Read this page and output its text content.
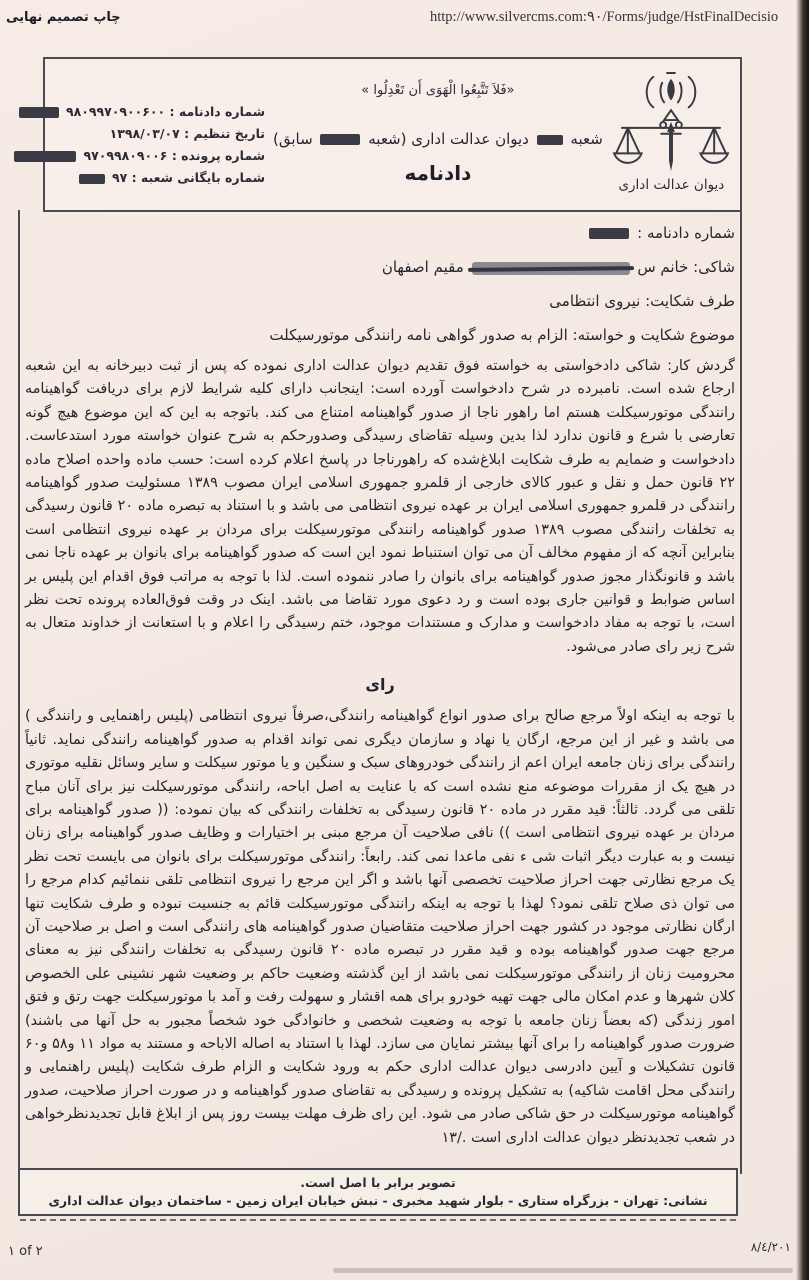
چاپ تصمیم نهایی	http://www.silvercms.com:٩٠/Forms/judge/HstFinalDecisio
دیوان عدالت اداری
«فَلاَ تَتَّبِعُوا الْهَوَی أَن تَعْدِلُوا »
شعبه  دیوان عدالت اداری (شعبه  سابق)
دادنامه
شماره دادنامه : ۹۸۰۹۹۷۰۹۰۰۶۰۰
تاریخ تنظیم : ۱۳۹۸/۰۳/۰۷
شماره پرونده : ۹۷۰۹۹۸۰۹۰۰۶
شماره بایگانی شعبه : ۹۷
شماره دادنامه :
شاکی: خانم س  مقیم اصفهان
طرف شکایت: نیروی انتظامی
موضوع شکایت و خواسته: الزام به صدور گواهی نامه رانندگی موتورسیکلت
گردش کار: شاکی دادخواستی به خواسته فوق تقدیم دیوان عدالت اداری نموده که پس از ثبت دبیرخانه به این شعبه ارجاع شده است. نامبرده در شرح دادخواست آورده است: اینجانب دارای کلیه شرایط لازم برای دریافت گواهینامه رانندگی موتورسیکلت هستم اما راهور ناجا از صدور گواهینامه امتناع می کند. باتوجه به این که این موضوع هیچ گونه تعارضی با شرع و قانون ندارد لذا بدین وسیله تقاضای رسیدگی وصدورحکم به شرح عنوان خواسته مورد استدعاست. دادخواست و ضمایم به طرف شکایت ابلاغ‌شده که راهورناجا در پاسخ اعلام کرده است: حسب ماده واحده اصلاح ماده ۲۲ قانون حمل و نقل و عبور کالای خارجی از قلمرو جمهوری اسلامی ایران مصوب ۱۳۸۹ مسئولیت صدور گواهینامه رانندگی در قلمرو جمهوری اسلامی ایران بر عهده نیروی انتظامی می باشد و با استناد به تبصره ماده ۲۰ قانون رسیدگی به تخلفات رانندگی مصوب ۱۳۸۹ صدور گواهینامه رانندگی موتورسیکلت برای مردان بر عهده نیروی انتظامی است بنابراین آنچه که از مفهوم مخالف آن می توان استنباط نمود این است که صدور گواهینامه برای بانوان بر عهده ناجا نمی باشد و قانونگذار مجوز صدور گواهینامه برای بانوان را صادر ننموده است. لذا با توجه به مراتب فوق اقدام این پلیس بر اساس ضوابط و قوانین جاری بوده است و رد دعوی مورد تقاضا می باشد. اینک در وقت فوق‌العاده پرونده تحت نظر است، با توجه به مفاد دادخواست و مدارک و مستندات موجود، ختم رسیدگی را اعلام و با استعانت از خداوند متعال به شرح زیر رای صادر می‌شود.
رای
با توجه به اینکه اولاً مرجع صالح برای صدور انواع گواهینامه رانندگی،صرفاً نیروی انتظامی (پلیس راهنمایی و رانندگی ) می باشد و غیر از این مرجع، ارگان یا نهاد و سازمان دیگری نمی تواند اقدام به صدور گواهینامه رانندگی نماید. ثانیاً رانندگی برای زنان جامعه ایران اعم از رانندگی خودروهای سبک و سنگین و یا موتور سیکلت و سایر وسائل نقلیه موتوری در هیچ یک از مقررات موضوعه منع نشده است که با عنایت به اصل اباحه، رانندگی موتورسیکلت نیز برای آنان مباح تلقی می گردد. ثالثاً: قید مقرر در ماده ۲۰ قانون رسیدگی به تخلفات رانندگی که بیان نموده: (( صدور گواهینامه برای مردان بر عهده نیروی انتظامی است )) نافی صلاحیت آن مرجع مبنی بر اختیارات و وظایف صدور گواهینامه برای زنان نیست و به عبارت دیگر اثبات شی ء نفی ماعدا نمی کند. رابعاً: رانندگی موتورسیکلت برای بانوان می بایست تحت نظر یک مرجع نظارتی جهت احراز صلاحیت تخصصی آنها باشد و اگر این مرجع را نیروی انتظامی تلقی ننمائیم کدام مرجع را می توان ذی صلاح تلقی نمود؟ لهذا با توجه به اینکه رانندگی موتورسیکلت قائم به جنسیت نبوده و طرف شکایت تنها ارگان نظارتی موجود در کشور جهت احراز صلاحیت متقاضیان صدور گواهینامه های رانندگی است و اصل بر صلاحیت آن مرجع جهت صدور گواهینامه بوده و قید مقرر در تبصره ماده ۲۰ قانون رسیدگی به تخلفات رانندگی نیز به معنای محرومیت زنان از رانندگی موتورسیکلت نمی باشد از این گذشته وضعیت حاکم بر وضعیت شهر نشینی علی الخصوص کلان شهرها و عدم امکان مالی جهت تهیه خودرو برای همه اقشار و سهولت رفت و آمد با موتورسیکلت جهت رتق و فتق امور زندگی (که بعضاً زنان جامعه با توجه به وضعیت شخصی و خانوادگی خود شخصاً مجبور به حل آنها می باشند) ضرورت صدور گواهینامه را برای آنها بیشتر نمایان می سازد. لهذا با استناد به اصاله الاباحه و مستند به مواد ۱۱ و۵۸ و۶۰ قانون تشکیلات و آیین دادرسی دیوان عدالت اداری حکم به ورود شکایت و الزام طرف شکایت (پلیس راهنمایی و رانندگی محل اقامت شاکیه) به تشکیل پرونده و رسیدگی به تقاضای صدور گواهینامه و در صورت احراز صلاحیت، صدور گواهینامه موتورسیکلت در حق شاکی صادر می شود. این رای ظرف مهلت بیست روز پس از ابلاغ قابل تجدیدنظرخواهی در شعب تجدیدنظر دیوان عدالت اداری است ./۱۳
تصویر برابر با اصل است.
نشانی: تهران - بزرگراه ستاری - بلوار شهید مخبری - نبش خیابان ایران زمین - ساختمان دیوان عدالت اداری
١ of ٢	٨/٤/٢٠١
